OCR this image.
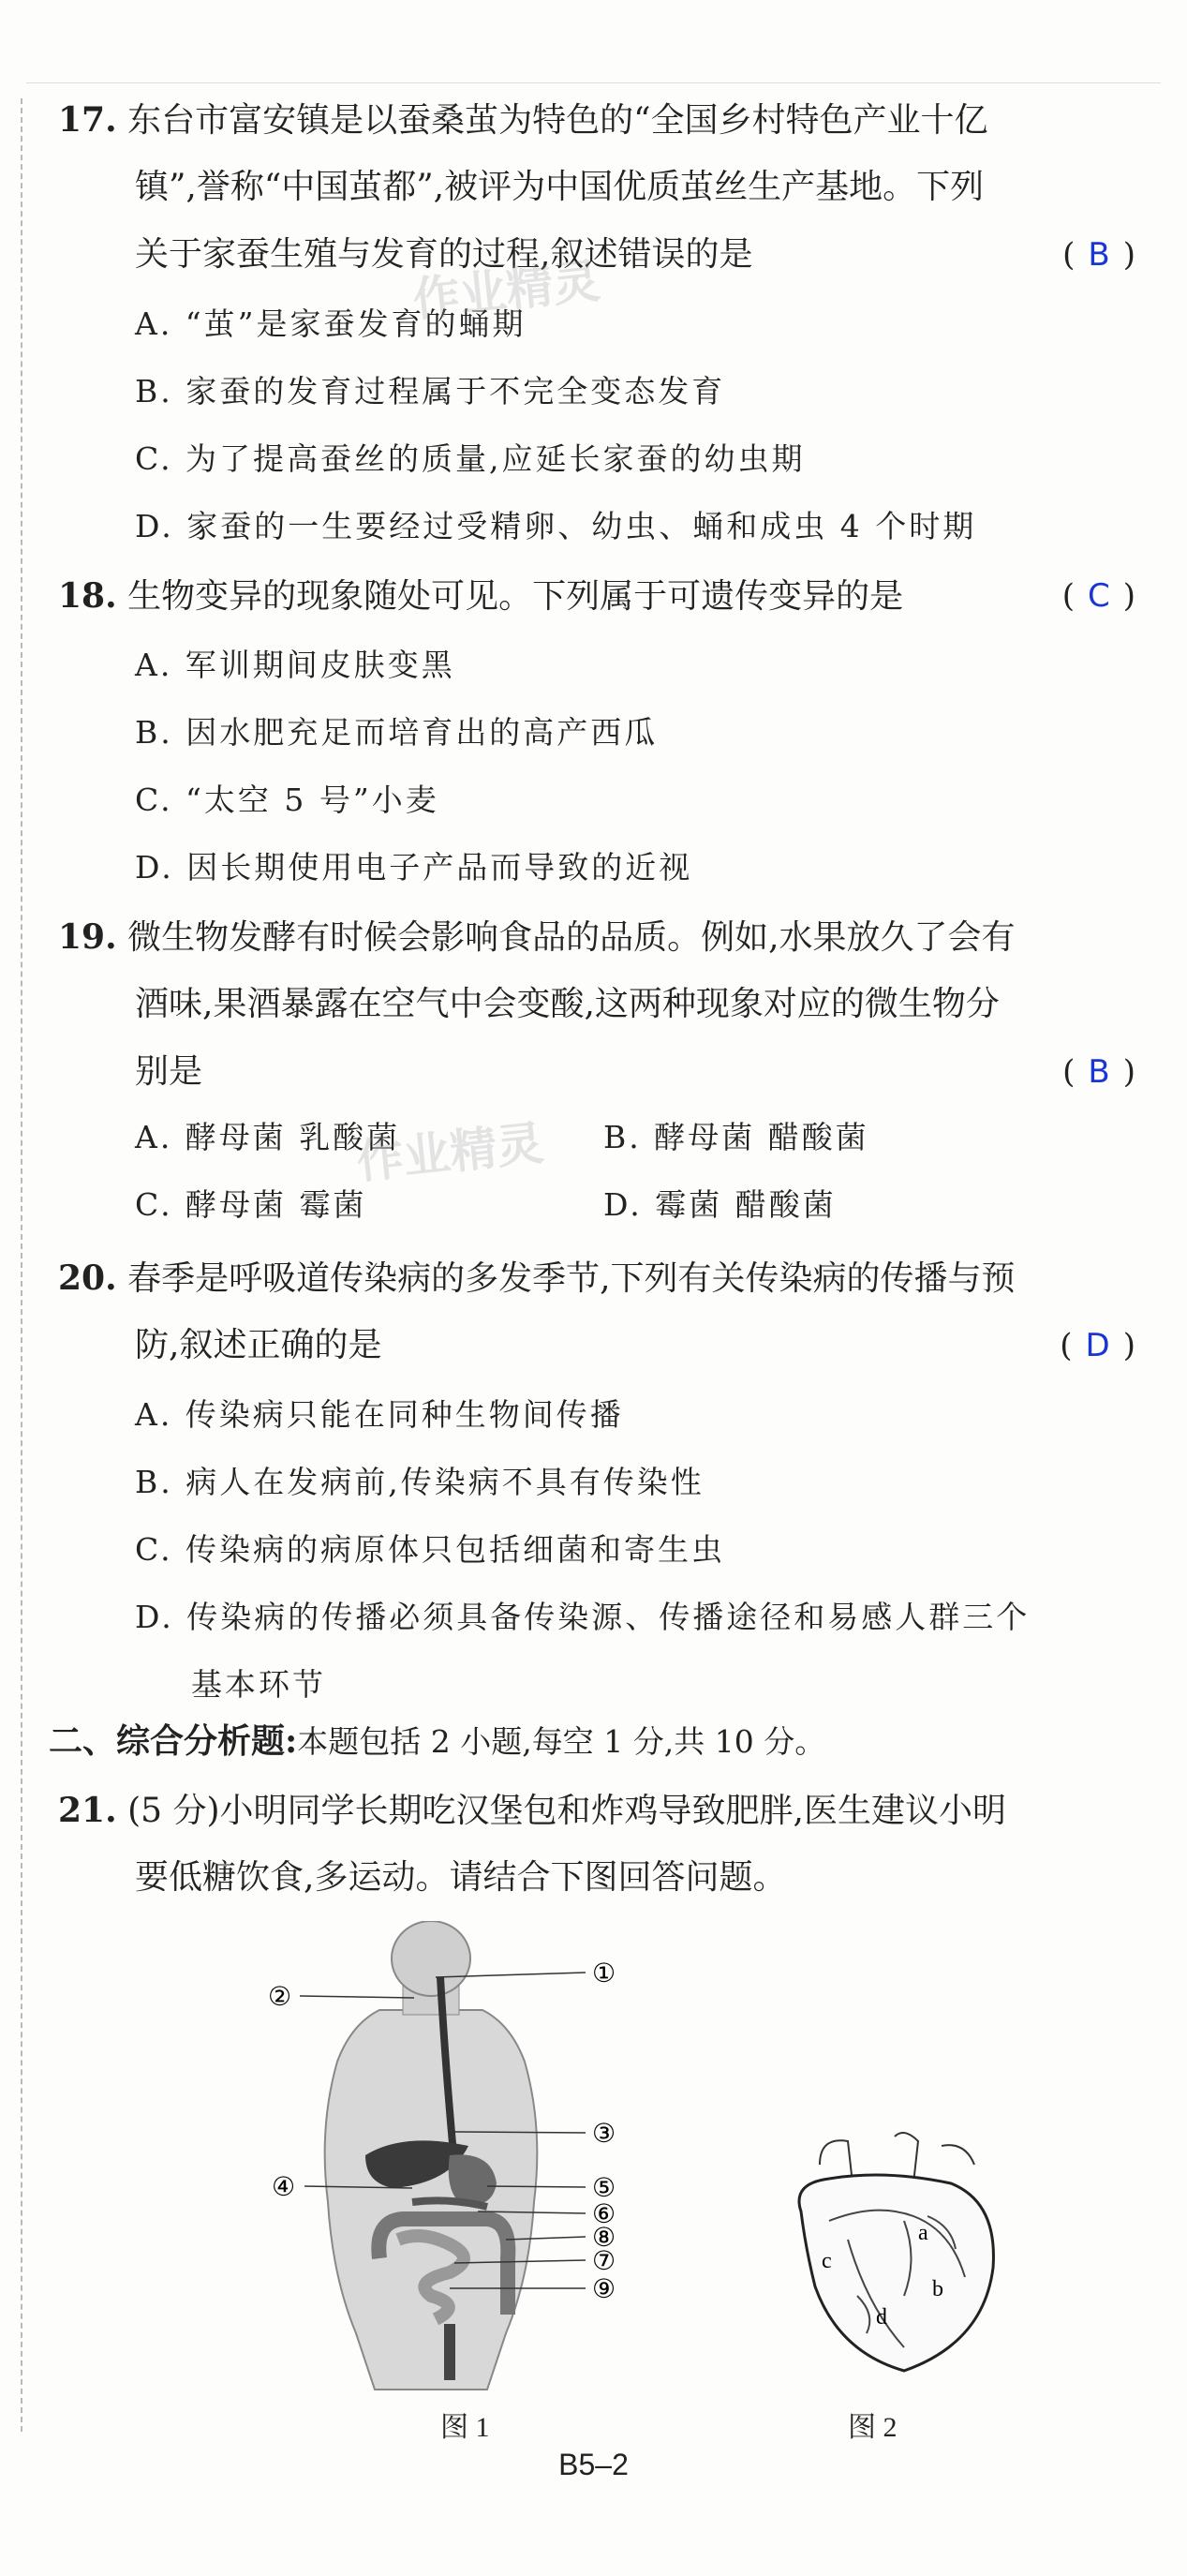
17. 东台市富安镇是以蚕桑茧为特色的“全国乡村特色产业十亿
镇”,誉称“中国茧都”,被评为中国优质茧丝生产基地。下列
关于家蚕生殖与发育的过程,叙述错误的是	( B )
A. “茧”是家蚕发育的蛹期
B. 家蚕的发育过程属于不完全变态发育
C. 为了提高蚕丝的质量,应延长家蚕的幼虫期
D. 家蚕的一生要经过受精卵、幼虫、蛹和成虫 4 个时期
作业精灵
18. 生物变异的现象随处可见。下列属于可遗传变异的是	( C )
A. 军训期间皮肤变黑
B. 因水肥充足而培育出的高产西瓜
C. “太空 5 号”小麦
D. 因长期使用电子产品而导致的近视
19. 微生物发酵有时候会影响食品的品质。例如,水果放久了会有
酒味,果酒暴露在空气中会变酸,这两种现象对应的微生物分
别是	( B )
A. 酵母菌 乳酸菌	B. 酵母菌 醋酸菌
C. 酵母菌 霉菌	D. 霉菌 醋酸菌
作业精灵
20. 春季是呼吸道传染病的多发季节,下列有关传染病的传播与预
防,叙述正确的是	( D )
A. 传染病只能在同种生物间传播
B. 病人在发病前,传染病不具有传染性
C. 传染病的病原体只包括细菌和寄生虫
D. 传染病的传播必须具备传染源、传播途径和易感人群三个
基本环节
二、综合分析题:本题包括 2 小题,每空 1 分,共 10 分。
21. (5 分)小明同学长期吃汉堡包和炸鸡导致肥胖,医生建议小明
要低糖饮食,多运动。请结合下图回答问题。
①
②
③
④	⑤
⑥
⑧
⑦
⑨
图 1
a
b
c
d
图 2
B5–2
